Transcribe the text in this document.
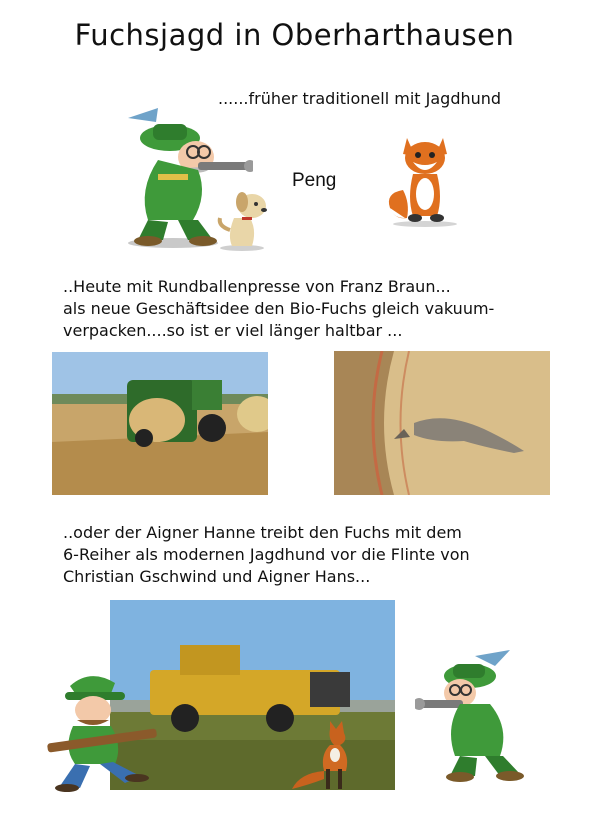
Fuchsjagd in Oberharthausen
......früher traditionell mit Jagdhund
Peng
..Heute mit Rundballenpresse von Franz Braun...
als neue Geschäftsidee den Bio-Fuchs gleich vakuum-
verpacken....so ist er viel länger haltbar ...
..oder der Aigner Hanne treibt den Fuchs mit dem
6-Reiher als modernen Jagdhund vor die Flinte von
Christian Gschwind und Aigner Hans...
